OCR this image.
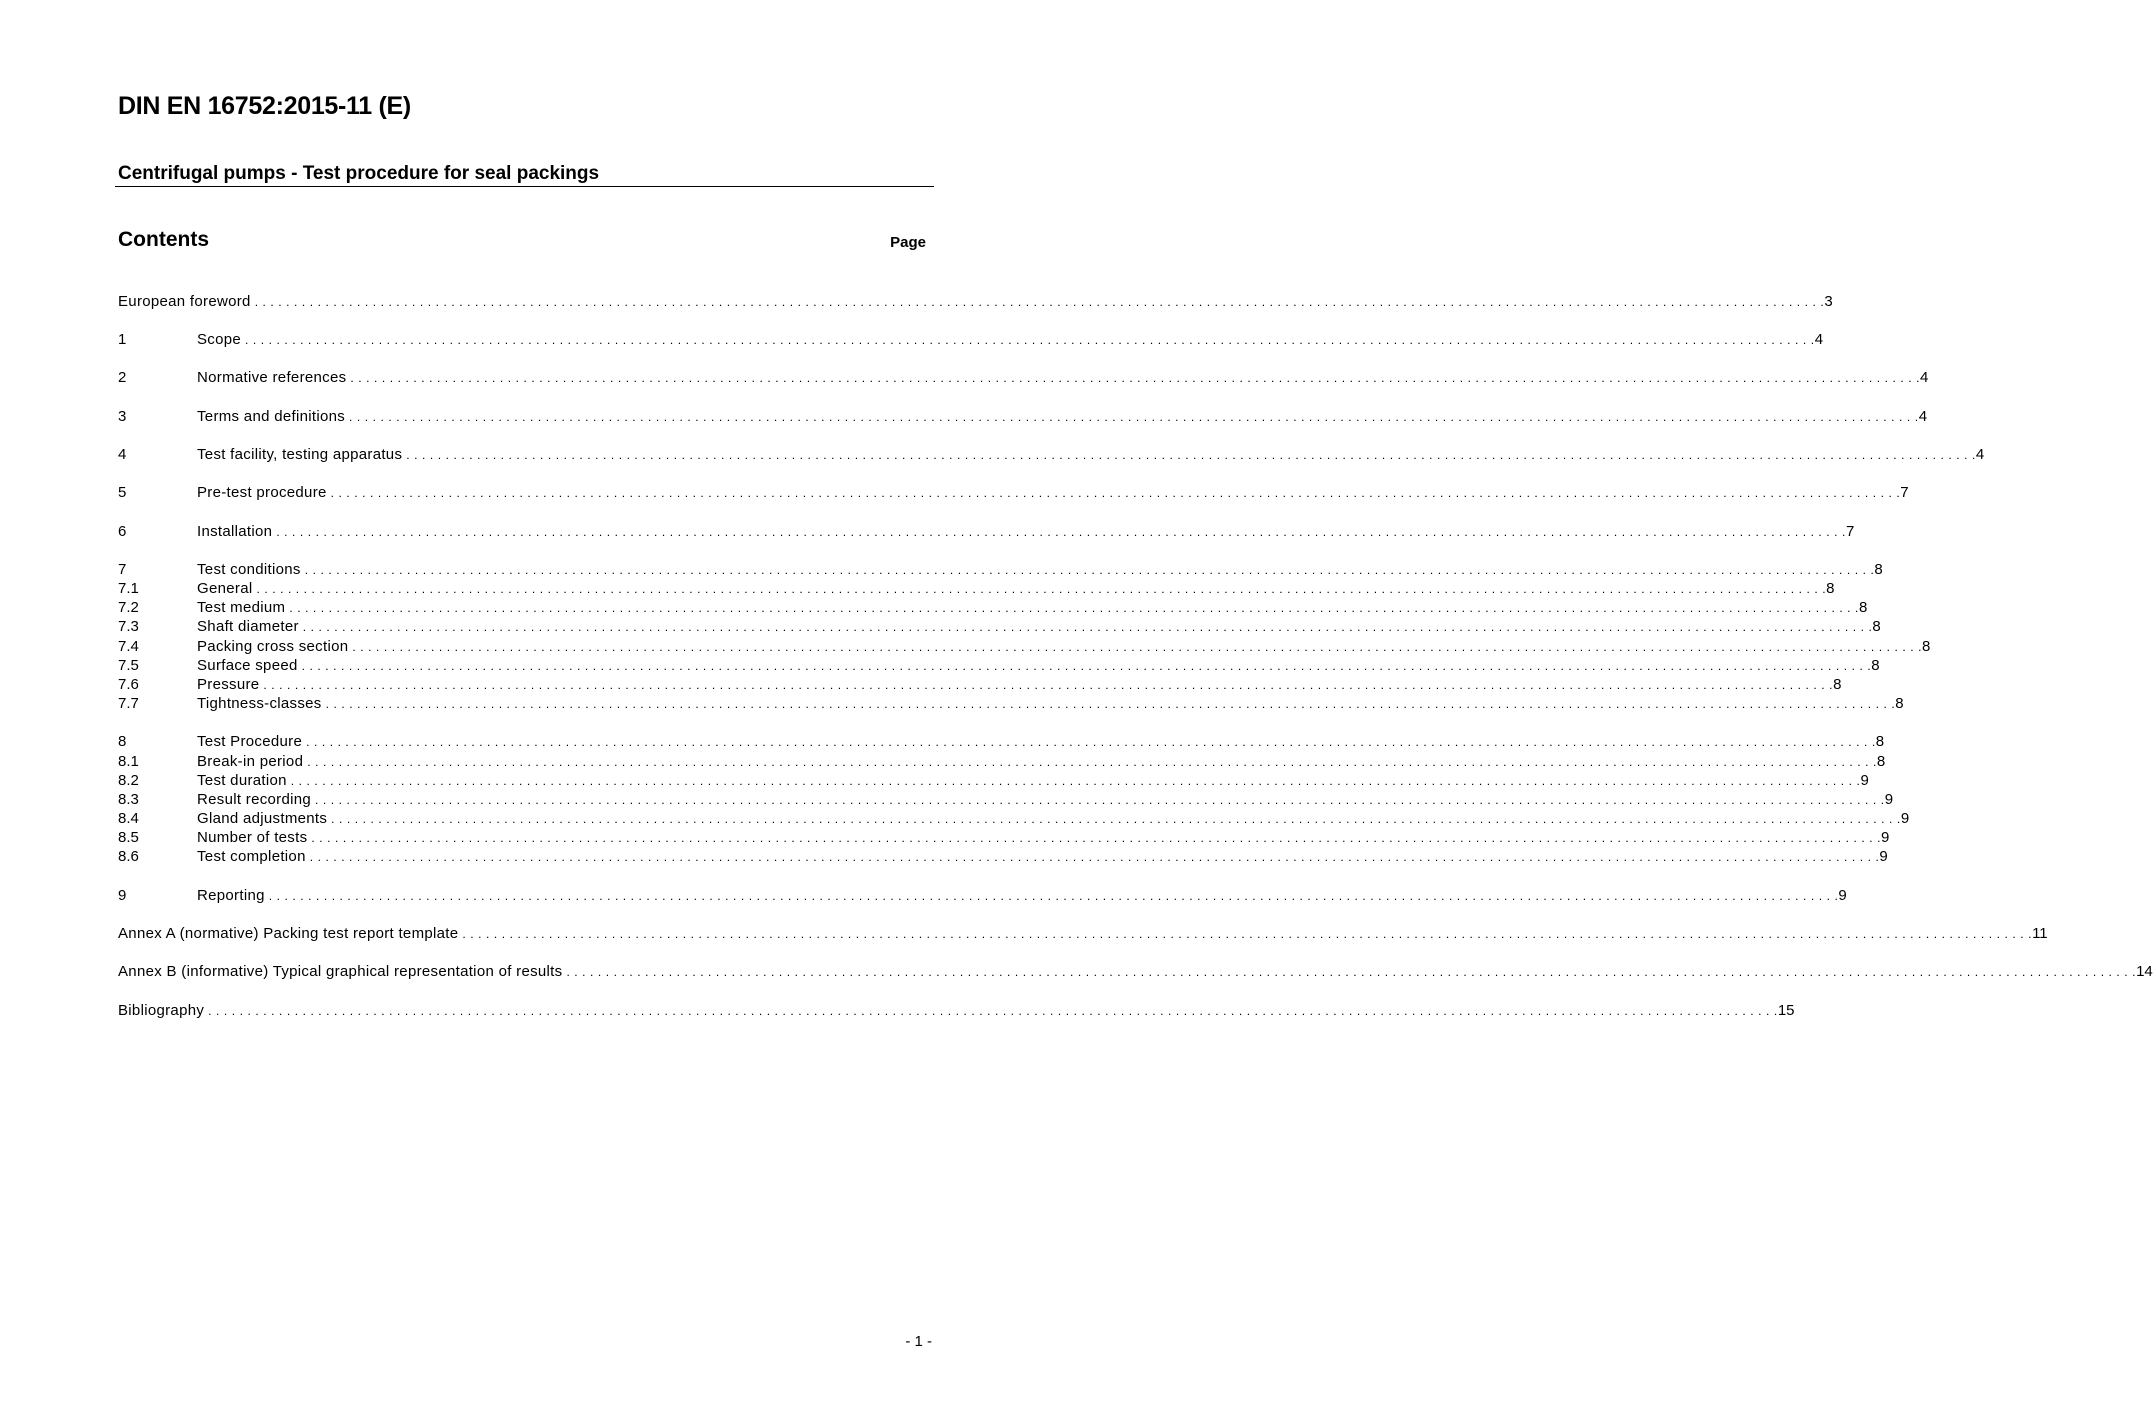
DIN EN 16752:2015-11 (E)
Centrifugal pumps - Test procedure for seal packings
Contents	Page
European foreword . . . . . . . . . . . . . . . . . . . . . . . . . . . . . . . . . . . . . . . . . . . . . . . . . . . . . . . . . . . . . . . . . . . . . . . . . . . . . . . . . . . . . . . . . . . . . . . . . . . . . . . . . . . . . . . . . . . . . . . . . . . . . . . . . . . . . . . . . . . . . . . . . . . . . . . . . . . . . . . . . . . . . . . . . . . . . . . . . . . . . . . . . . . . . . . . . . . . . . . . 3
1	Scope . . . . . . . . . . . . . . . . . . . . . . . . . . . . . . . . . . . . . . . . . . . . . . . . . . . . . . . . . . . . . . . . . . . . . . . . . . . . . . . . . . . . . . . . . . . . . . . . . . . . . . . . . . . . . . . . . . . . . . . . . . . . . . . . . . . . . . . . . . . . . . . . . . . . . . . . . . . . . . . . . . . . . . . . . . . . . . . . . . . . . . . . . . . . . . . . . . . . . . . . 4
2	Normative references . . . . . . . . . . . . . . . . . . . . . . . . . . . . . . . . . . . . . . . . . . . . . . . . . . . . . . . . . . . . . . . . . . . . . . . . . . . . . . . . . . . . . . . . . . . . . . . . . . . . . . . . . . . . . . . . . . . . . . . . . . . . . . . . . . . . . . . . . . . . . . . . . . . . . . . . . . . . . . . . . . . . . . . . . . . . . . . . . . . . . . . . . . . . . . . . . . . . . . . . 4
3	Terms and definitions . . . . . . . . . . . . . . . . . . . . . . . . . . . . . . . . . . . . . . . . . . . . . . . . . . . . . . . . . . . . . . . . . . . . . . . . . . . . . . . . . . . . . . . . . . . . . . . . . . . . . . . . . . . . . . . . . . . . . . . . . . . . . . . . . . . . . . . . . . . . . . . . . . . . . . . . . . . . . . . . . . . . . . . . . . . . . . . . . . . . . . . . . . . . . . . . . . . . . . . . 4
4	Test facility, testing apparatus . . . . . . . . . . . . . . . . . . . . . . . . . . . . . . . . . . . . . . . . . . . . . . . . . . . . . . . . . . . . . . . . . . . . . . . . . . . . . . . . . . . . . . . . . . . . . . . . . . . . . . . . . . . . . . . . . . . . . . . . . . . . . . . . . . . . . . . . . . . . . . . . . . . . . . . . . . . . . . . . . . . . . . . . . . . . . . . . . . . . . . . . . . . . . . . . . . . . . . . . 4
5	Pre-test procedure . . . . . . . . . . . . . . . . . . . . . . . . . . . . . . . . . . . . . . . . . . . . . . . . . . . . . . . . . . . . . . . . . . . . . . . . . . . . . . . . . . . . . . . . . . . . . . . . . . . . . . . . . . . . . . . . . . . . . . . . . . . . . . . . . . . . . . . . . . . . . . . . . . . . . . . . . . . . . . . . . . . . . . . . . . . . . . . . . . . . . . . . . . . . . . . . . . . . . . . . 7
6	Installation . . . . . . . . . . . . . . . . . . . . . . . . . . . . . . . . . . . . . . . . . . . . . . . . . . . . . . . . . . . . . . . . . . . . . . . . . . . . . . . . . . . . . . . . . . . . . . . . . . . . . . . . . . . . . . . . . . . . . . . . . . . . . . . . . . . . . . . . . . . . . . . . . . . . . . . . . . . . . . . . . . . . . . . . . . . . . . . . . . . . . . . . . . . . . . . . . . . . . . . . 7
7	Test conditions . . . . . . . . . . . . . . . . . . . . . . . . . . . . . . . . . . . . . . . . . . . . . . . . . . . . . . . . . . . . . . . . . . . . . . . . . . . . . . . . . . . . . . . . . . . . . . . . . . . . . . . . . . . . . . . . . . . . . . . . . . . . . . . . . . . . . . . . . . . . . . . . . . . . . . . . . . . . . . . . . . . . . . . . . . . . . . . . . . . . . . . . . . . . . . . . . . . . . . . . 8
7.1	General . . . . . . . . . . . . . . . . . . . . . . . . . . . . . . . . . . . . . . . . . . . . . . . . . . . . . . . . . . . . . . . . . . . . . . . . . . . . . . . . . . . . . . . . . . . . . . . . . . . . . . . . . . . . . . . . . . . . . . . . . . . . . . . . . . . . . . . . . . . . . . . . . . . . . . . . . . . . . . . . . . . . . . . . . . . . . . . . . . . . . . . . . . . . . . . . . . . . . . . . 8
7.2	Test medium . . . . . . . . . . . . . . . . . . . . . . . . . . . . . . . . . . . . . . . . . . . . . . . . . . . . . . . . . . . . . . . . . . . . . . . . . . . . . . . . . . . . . . . . . . . . . . . . . . . . . . . . . . . . . . . . . . . . . . . . . . . . . . . . . . . . . . . . . . . . . . . . . . . . . . . . . . . . . . . . . . . . . . . . . . . . . . . . . . . . . . . . . . . . . . . . . . . . . . . . 8
7.3	Shaft diameter . . . . . . . . . . . . . . . . . . . . . . . . . . . . . . . . . . . . . . . . . . . . . . . . . . . . . . . . . . . . . . . . . . . . . . . . . . . . . . . . . . . . . . . . . . . . . . . . . . . . . . . . . . . . . . . . . . . . . . . . . . . . . . . . . . . . . . . . . . . . . . . . . . . . . . . . . . . . . . . . . . . . . . . . . . . . . . . . . . . . . . . . . . . . . . . . . . . . . . . . 8
7.4	Packing cross section . . . . . . . . . . . . . . . . . . . . . . . . . . . . . . . . . . . . . . . . . . . . . . . . . . . . . . . . . . . . . . . . . . . . . . . . . . . . . . . . . . . . . . . . . . . . . . . . . . . . . . . . . . . . . . . . . . . . . . . . . . . . . . . . . . . . . . . . . . . . . . . . . . . . . . . . . . . . . . . . . . . . . . . . . . . . . . . . . . . . . . . . . . . . . . . . . . . . . . . . 8
7.5	Surface speed . . . . . . . . . . . . . . . . . . . . . . . . . . . . . . . . . . . . . . . . . . . . . . . . . . . . . . . . . . . . . . . . . . . . . . . . . . . . . . . . . . . . . . . . . . . . . . . . . . . . . . . . . . . . . . . . . . . . . . . . . . . . . . . . . . . . . . . . . . . . . . . . . . . . . . . . . . . . . . . . . . . . . . . . . . . . . . . . . . . . . . . . . . . . . . . . . . . . . . . . 8
7.6	Pressure . . . . . . . . . . . . . . . . . . . . . . . . . . . . . . . . . . . . . . . . . . . . . . . . . . . . . . . . . . . . . . . . . . . . . . . . . . . . . . . . . . . . . . . . . . . . . . . . . . . . . . . . . . . . . . . . . . . . . . . . . . . . . . . . . . . . . . . . . . . . . . . . . . . . . . . . . . . . . . . . . . . . . . . . . . . . . . . . . . . . . . . . . . . . . . . . . . . . . . . . 8
7.7	Tightness-classes . . . . . . . . . . . . . . . . . . . . . . . . . . . . . . . . . . . . . . . . . . . . . . . . . . . . . . . . . . . . . . . . . . . . . . . . . . . . . . . . . . . . . . . . . . . . . . . . . . . . . . . . . . . . . . . . . . . . . . . . . . . . . . . . . . . . . . . . . . . . . . . . . . . . . . . . . . . . . . . . . . . . . . . . . . . . . . . . . . . . . . . . . . . . . . . . . . . . . . . . 8
8	Test Procedure . . . . . . . . . . . . . . . . . . . . . . . . . . . . . . . . . . . . . . . . . . . . . . . . . . . . . . . . . . . . . . . . . . . . . . . . . . . . . . . . . . . . . . . . . . . . . . . . . . . . . . . . . . . . . . . . . . . . . . . . . . . . . . . . . . . . . . . . . . . . . . . . . . . . . . . . . . . . . . . . . . . . . . . . . . . . . . . . . . . . . . . . . . . . . . . . . . . . . . . . 8
8.1	Break-in period . . . . . . . . . . . . . . . . . . . . . . . . . . . . . . . . . . . . . . . . . . . . . . . . . . . . . . . . . . . . . . . . . . . . . . . . . . . . . . . . . . . . . . . . . . . . . . . . . . . . . . . . . . . . . . . . . . . . . . . . . . . . . . . . . . . . . . . . . . . . . . . . . . . . . . . . . . . . . . . . . . . . . . . . . . . . . . . . . . . . . . . . . . . . . . . . . . . . . . . . 8
8.2	Test duration . . . . . . . . . . . . . . . . . . . . . . . . . . . . . . . . . . . . . . . . . . . . . . . . . . . . . . . . . . . . . . . . . . . . . . . . . . . . . . . . . . . . . . . . . . . . . . . . . . . . . . . . . . . . . . . . . . . . . . . . . . . . . . . . . . . . . . . . . . . . . . . . . . . . . . . . . . . . . . . . . . . . . . . . . . . . . . . . . . . . . . . . . . . . . . . . . . . . . . . . 9
8.3	Result recording . . . . . . . . . . . . . . . . . . . . . . . . . . . . . . . . . . . . . . . . . . . . . . . . . . . . . . . . . . . . . . . . . . . . . . . . . . . . . . . . . . . . . . . . . . . . . . . . . . . . . . . . . . . . . . . . . . . . . . . . . . . . . . . . . . . . . . . . . . . . . . . . . . . . . . . . . . . . . . . . . . . . . . . . . . . . . . . . . . . . . . . . . . . . . . . . . . . . . . . . 9
8.4	Gland adjustments . . . . . . . . . . . . . . . . . . . . . . . . . . . . . . . . . . . . . . . . . . . . . . . . . . . . . . . . . . . . . . . . . . . . . . . . . . . . . . . . . . . . . . . . . . . . . . . . . . . . . . . . . . . . . . . . . . . . . . . . . . . . . . . . . . . . . . . . . . . . . . . . . . . . . . . . . . . . . . . . . . . . . . . . . . . . . . . . . . . . . . . . . . . . . . . . . . . . . . . . 9
8.5	Number of tests . . . . . . . . . . . . . . . . . . . . . . . . . . . . . . . . . . . . . . . . . . . . . . . . . . . . . . . . . . . . . . . . . . . . . . . . . . . . . . . . . . . . . . . . . . . . . . . . . . . . . . . . . . . . . . . . . . . . . . . . . . . . . . . . . . . . . . . . . . . . . . . . . . . . . . . . . . . . . . . . . . . . . . . . . . . . . . . . . . . . . . . . . . . . . . . . . . . . . . . . 9
8.6	Test completion . . . . . . . . . . . . . . . . . . . . . . . . . . . . . . . . . . . . . . . . . . . . . . . . . . . . . . . . . . . . . . . . . . . . . . . . . . . . . . . . . . . . . . . . . . . . . . . . . . . . . . . . . . . . . . . . . . . . . . . . . . . . . . . . . . . . . . . . . . . . . . . . . . . . . . . . . . . . . . . . . . . . . . . . . . . . . . . . . . . . . . . . . . . . . . . . . . . . . . . . 9
9	Reporting . . . . . . . . . . . . . . . . . . . . . . . . . . . . . . . . . . . . . . . . . . . . . . . . . . . . . . . . . . . . . . . . . . . . . . . . . . . . . . . . . . . . . . . . . . . . . . . . . . . . . . . . . . . . . . . . . . . . . . . . . . . . . . . . . . . . . . . . . . . . . . . . . . . . . . . . . . . . . . . . . . . . . . . . . . . . . . . . . . . . . . . . . . . . . . . . . . . . . . . . 9
Annex A (normative) Packing test report template . . . . . . . . . . . . . . . . . . . . . . . . . . . . . . . . . . . . . . . . . . . . . . . . . . . . . . . . . . . . . . . . . . . . . . . . . . . . . . . . . . . . . . . . . . . . . . . . . . . . . . . . . . . . . . . . . . . . . . . . . . . . . . . . . . . . . . . . . . . . . . . . . . . . . . . . . . . . . . . . . . . . . . . . . . . . . . . . . . . . . . . . . . . . . . . . . . . . . . . . 11
Annex B (informative) Typical graphical representation of results . . . . . . . . . . . . . . . . . . . . . . . . . . . . . . . . . . . . . . . . . . . . . . . . . . . . . . . . . . . . . . . . . . . . . . . . . . . . . . . . . . . . . . . . . . . . . . . . . . . . . . . . . . . . . . . . . . . . . . . . . . . . . . . . . . . . . . . . . . . . . . . . . . . . . . . . . . . . . . . . . . . . . . . . . . . . . . . . . . . . . . . . . . . . . . . . . . . . . . . . 14
Bibliography . . . . . . . . . . . . . . . . . . . . . . . . . . . . . . . . . . . . . . . . . . . . . . . . . . . . . . . . . . . . . . . . . . . . . . . . . . . . . . . . . . . . . . . . . . . . . . . . . . . . . . . . . . . . . . . . . . . . . . . . . . . . . . . . . . . . . . . . . . . . . . . . . . . . . . . . . . . . . . . . . . . . . . . . . . . . . . . . . . . . . . . . . . . . . . . . . . . . . . . . 15
- 1 -
